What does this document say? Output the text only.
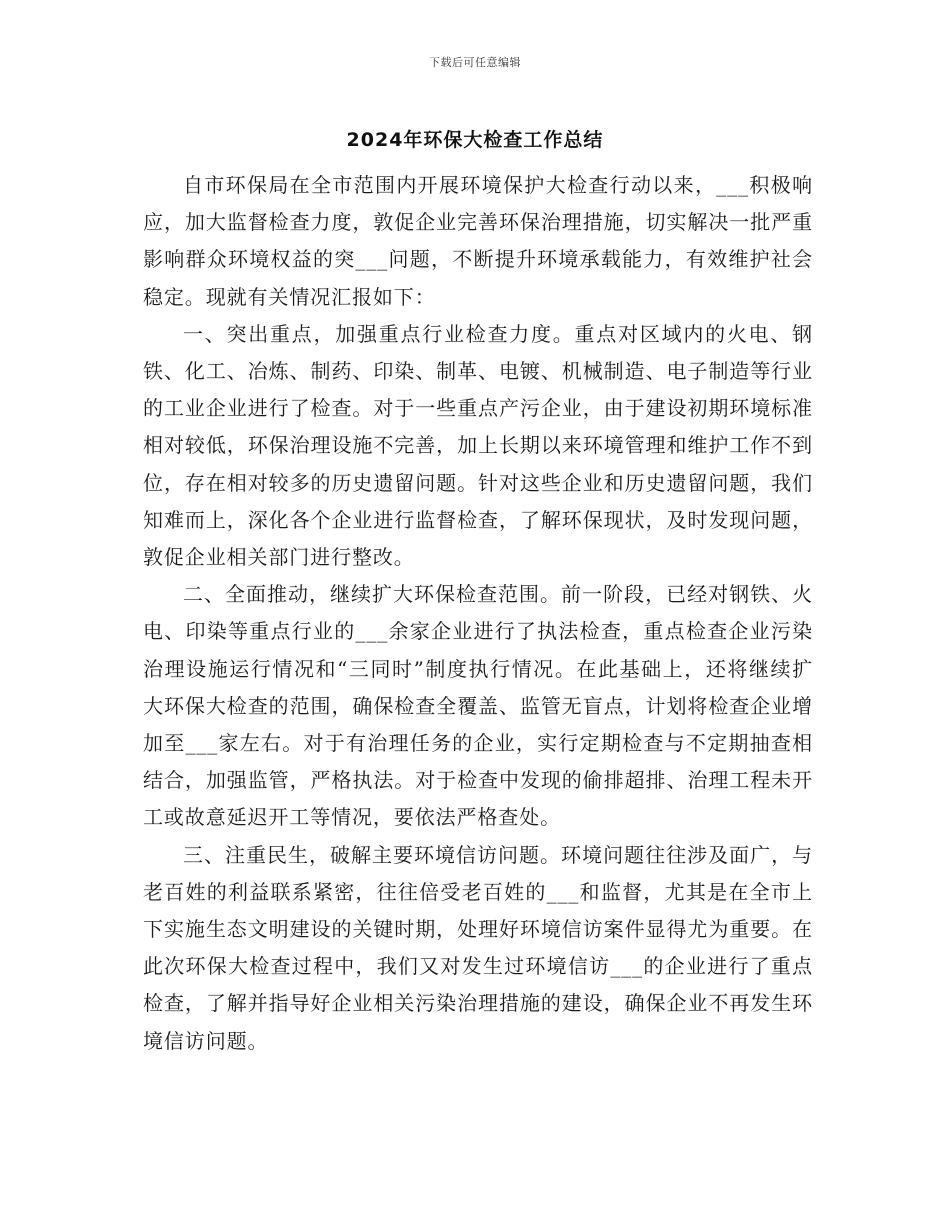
下载后可任意编辑
2024年环保大检查工作总结

自市环保局在全市范围内开展环境保护大检查行动以来，___积极响应，加大监督检查力度，敦促企业完善环保治理措施，切实解决一批严重影响群众环境权益的突___问题，不断提升环境承载能力，有效维护社会稳定。现就有关情况汇报如下：

一、突出重点，加强重点行业检查力度。重点对区域内的火电、钢铁、化工、冶炼、制药、印染、制革、电镀、机械制造、电子制造等行业的工业企业进行了检查。对于一些重点产污企业，由于建设初期环境标准相对较低，环保治理设施不完善，加上长期以来环境管理和维护工作不到位，存在相对较多的历史遗留问题。针对这些企业和历史遗留问题，我们知难而上，深化各个企业进行监督检查，了解环保现状，及时发现问题，敦促企业相关部门进行整改。

二、全面推动，继续扩大环保检查范围。前一阶段，已经对钢铁、火电、印染等重点行业的___余家企业进行了执法检查，重点检查企业污染治理设施运行情况和“三同时”制度执行情况。在此基础上，还将继续扩大环保大检查的范围，确保检查全覆盖、监管无盲点，计划将检查企业增加至___家左右。对于有治理任务的企业，实行定期检查与不定期抽查相结合，加强监管，严格执法。对于检查中发现的偷排超排、治理工程未开工或故意延迟开工等情况，要依法严格查处。

三、注重民生，破解主要环境信访问题。环境问题往往涉及面广，与老百姓的利益联系紧密，往往倍受老百姓的___和监督，尤其是在全市上下实施生态文明建设的关键时期，处理好环境信访案件显得尤为重要。在此次环保大检查过程中，我们又对发生过环境信访___的企业进行了重点检查，了解并指导好企业相关污染治理措施的建设，确保企业不再发生环境信访问题。
